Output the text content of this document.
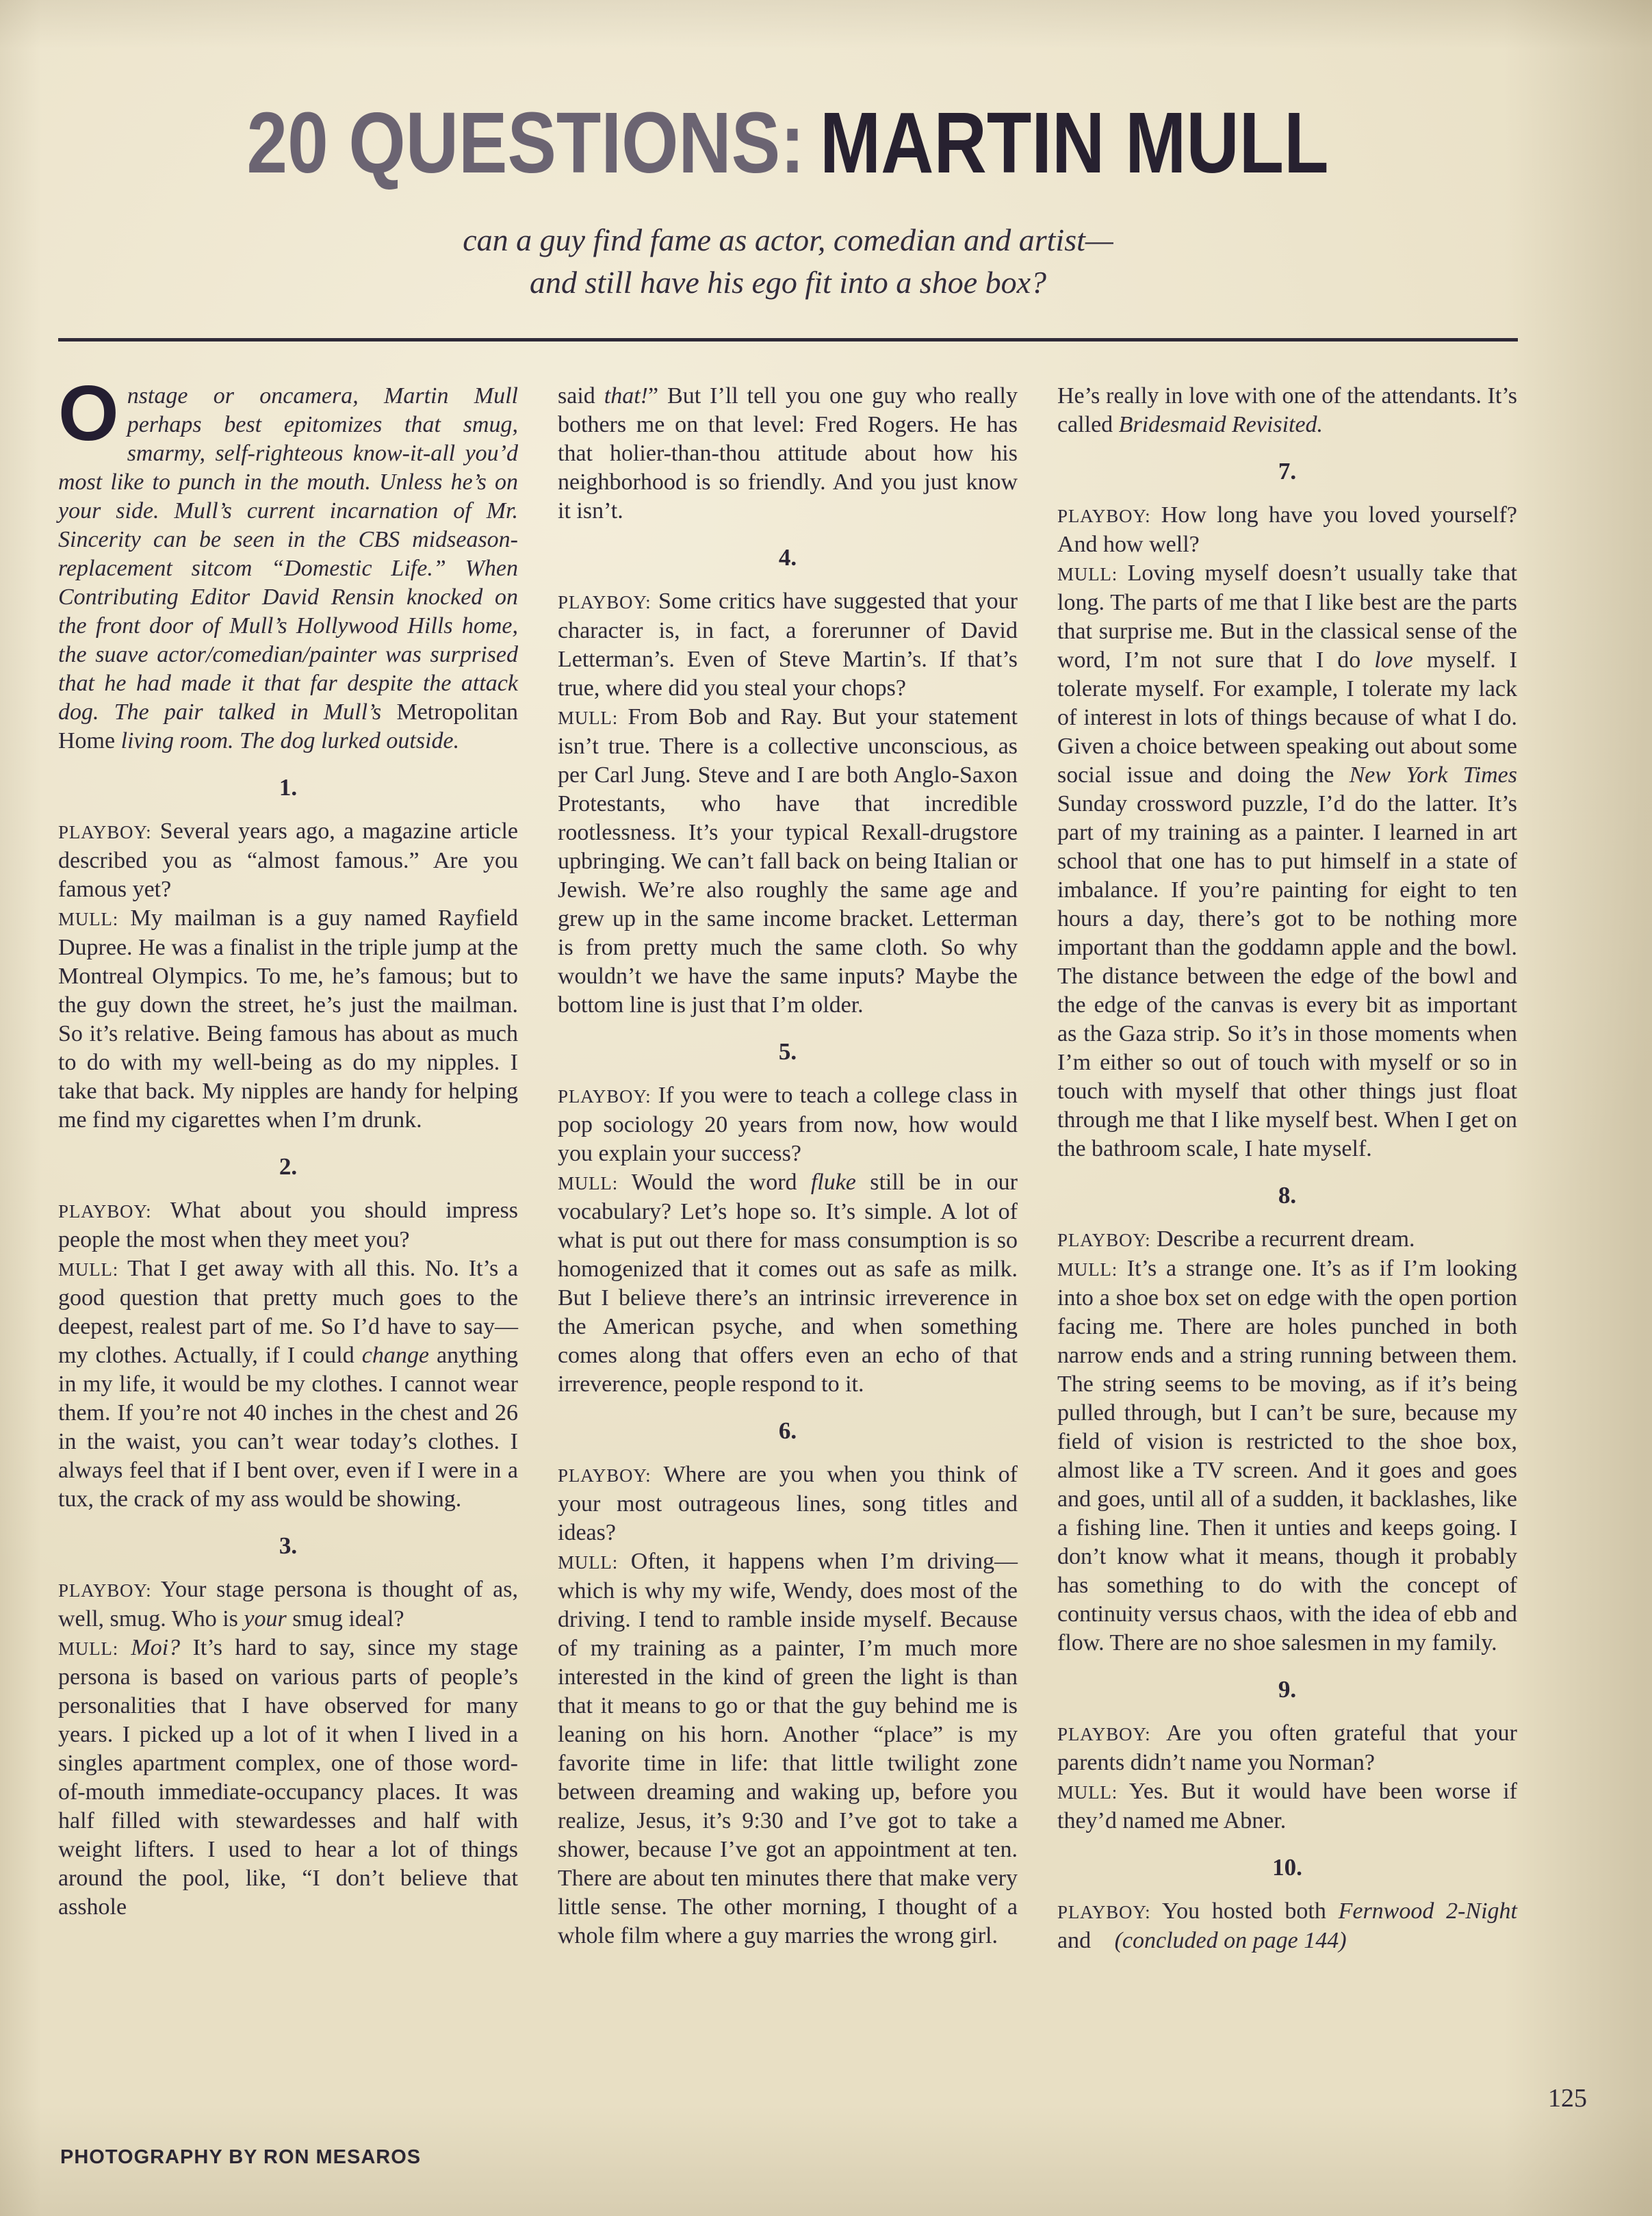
20 QUESTIONS: MARTIN MULL
can a guy find fame as actor, comedian and artist—
and still have his ego fit into a shoe box?

Onstage or oncamera, Martin Mull perhaps best epitomizes that smug, smarmy, self-righteous know-it-all you’d most like to punch in the mouth. Unless he’s on your side. Mull’s current incarnation of Mr. Sincerity can be seen in the CBS midseason-replacement sitcom “Domestic Life.” When Contributing Editor David Rensin knocked on the front door of Mull’s Hollywood Hills home, the suave actor/comedian/painter was surprised that he had made it that far despite the attack dog. The pair talked in Mull’s Metropolitan Home living room. The dog lurked outside.

1.

PLAYBOY: Several years ago, a magazine article described you as “almost famous.” Are you famous yet?

MULL: My mailman is a guy named Rayfield Dupree. He was a finalist in the triple jump at the Montreal Olympics. To me, he’s famous; but to the guy down the street, he’s just the mailman. So it’s relative. Being famous has about as much to do with my well-being as do my nipples. I take that back. My nipples are handy for helping me find my cigarettes when I’m drunk.

2.

PLAYBOY: What about you should impress people the most when they meet you?

MULL: That I get away with all this. No. It’s a good question that pretty much goes to the deepest, realest part of me. So I’d have to say—my clothes. Actually, if I could change anything in my life, it would be my clothes. I cannot wear them. If you’re not 40 inches in the chest and 26 in the waist, you can’t wear today’s clothes. I always feel that if I bent over, even if I were in a tux, the crack of my ass would be showing.

3.

PLAYBOY: Your stage persona is thought of as, well, smug. Who is your smug ideal?

MULL: Moi? It’s hard to say, since my stage persona is based on various parts of people’s personalities that I have observed for many years. I picked up a lot of it when I lived in a singles apartment complex, one of those word-of-mouth immediate-occupancy places. It was half filled with stewardesses and half with weight lifters. I used to hear a lot of things around the pool, like, “I don’t believe that asshole

said that!” But I’ll tell you one guy who really bothers me on that level: Fred Rogers. He has that holier-than-thou attitude about how his neighborhood is so friendly. And you just know it isn’t.

4.

PLAYBOY: Some critics have suggested that your character is, in fact, a forerunner of David Letterman’s. Even of Steve Martin’s. If that’s true, where did you steal your chops?

MULL: From Bob and Ray. But your statement isn’t true. There is a collective unconscious, as per Carl Jung. Steve and I are both Anglo-Saxon Protestants, who have that incredible rootlessness. It’s your typical Rexall-drugstore upbringing. We can’t fall back on being Italian or Jewish. We’re also roughly the same age and grew up in the same income bracket. Letterman is from pretty much the same cloth. So why wouldn’t we have the same inputs? Maybe the bottom line is just that I’m older.

5.

PLAYBOY: If you were to teach a college class in pop sociology 20 years from now, how would you explain your success?

MULL: Would the word fluke still be in our vocabulary? Let’s hope so. It’s simple. A lot of what is put out there for mass consumption is so homogenized that it comes out as safe as milk. But I believe there’s an intrinsic irreverence in the American psyche, and when something comes along that offers even an echo of that irreverence, people respond to it.

6.

PLAYBOY: Where are you when you think of your most outrageous lines, song titles and ideas?

MULL: Often, it happens when I’m driving—which is why my wife, Wendy, does most of the driving. I tend to ramble inside myself. Because of my training as a painter, I’m much more interested in the kind of green the light is than that it means to go or that the guy behind me is leaning on his horn. Another “place” is my favorite time in life: that little twilight zone between dreaming and waking up, before you realize, Jesus, it’s 9:30 and I’ve got to take a shower, because I’ve got an appointment at ten. There are about ten minutes there that make very little sense. The other morning, I thought of a whole film where a guy marries the wrong girl.

He’s really in love with one of the attendants. It’s called Bridesmaid Revisited.

7.

PLAYBOY: How long have you loved yourself? And how well?

MULL: Loving myself doesn’t usually take that long. The parts of me that I like best are the parts that surprise me. But in the classical sense of the word, I’m not sure that I do love myself. I tolerate myself. For example, I tolerate my lack of interest in lots of things because of what I do. Given a choice between speaking out about some social issue and doing the New York Times Sunday crossword puzzle, I’d do the latter. It’s part of my training as a painter. I learned in art school that one has to put himself in a state of imbalance. If you’re painting for eight to ten hours a day, there’s got to be nothing more important than the goddamn apple and the bowl. The distance between the edge of the bowl and the edge of the canvas is every bit as important as the Gaza strip. So it’s in those moments when I’m either so out of touch with myself or so in touch with myself that other things just float through me that I like myself best. When I get on the bathroom scale, I hate myself.

8.

PLAYBOY: Describe a recurrent dream.

MULL: It’s a strange one. It’s as if I’m looking into a shoe box set on edge with the open portion facing me. There are holes punched in both narrow ends and a string running between them. The string seems to be moving, as if it’s being pulled through, but I can’t be sure, because my field of vision is restricted to the shoe box, almost like a TV screen. And it goes and goes and goes, until all of a sudden, it backlashes, like a fishing line. Then it unties and keeps going. I don’t know what it means, though it probably has something to do with the concept of continuity versus chaos, with the idea of ebb and flow. There are no shoe salesmen in my family.

9.

PLAYBOY: Are you often grateful that your parents didn’t name you Norman?

MULL: Yes. But it would have been worse if they’d named me Abner.

10.

PLAYBOY: You hosted both Fernwood 2-Night and (concluded on page 144)

PHOTOGRAPHY BY RON MESAROS
125
